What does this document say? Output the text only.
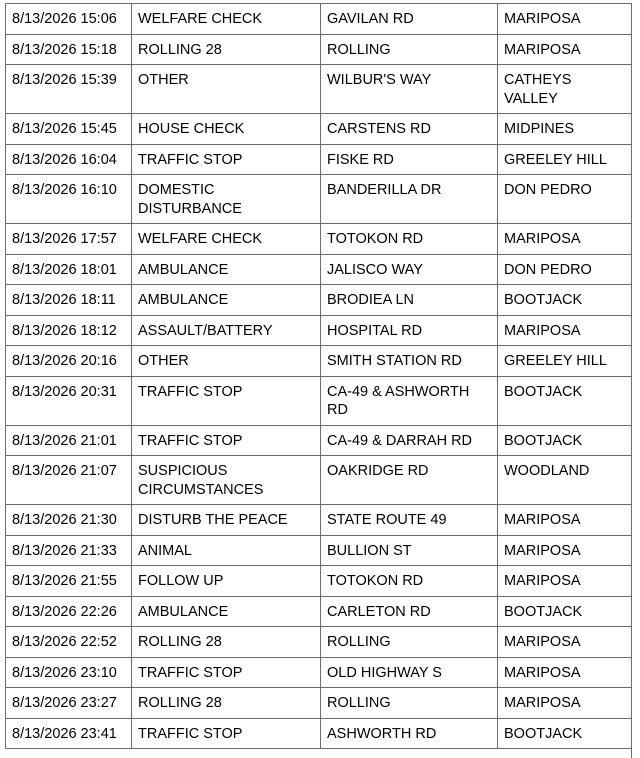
8/13/2026 15:06	WELFARE CHECK	GAVILAN RD	MARIPOSA
8/13/2026 15:18	ROLLING 28	ROLLING	MARIPOSA
8/13/2026 15:39	OTHER	WILBUR'S WAY	CATHEYS VALLEY
8/13/2026 15:45	HOUSE CHECK	CARSTENS RD	MIDPINES
8/13/2026 16:04	TRAFFIC STOP	FISKE RD	GREELEY HILL
8/13/2026 16:10	DOMESTIC DISTURBANCE	BANDERILLA DR	DON PEDRO
8/13/2026 17:57	WELFARE CHECK	TOTOKON RD	MARIPOSA
8/13/2026 18:01	AMBULANCE	JALISCO WAY	DON PEDRO
8/13/2026 18:11	AMBULANCE	BRODIEA LN	BOOTJACK
8/13/2026 18:12	ASSAULT/BATTERY	HOSPITAL RD	MARIPOSA
8/13/2026 20:16	OTHER	SMITH STATION RD	GREELEY HILL
8/13/2026 20:31	TRAFFIC STOP	CA-49 & ASHWORTH RD	BOOTJACK
8/13/2026 21:01	TRAFFIC STOP	CA-49 & DARRAH RD	BOOTJACK
8/13/2026 21:07	SUSPICIOUS CIRCUMSTANCES	OAKRIDGE RD	WOODLAND
8/13/2026 21:30	DISTURB THE PEACE	STATE ROUTE 49	MARIPOSA
8/13/2026 21:33	ANIMAL	BULLION ST	MARIPOSA
8/13/2026 21:55	FOLLOW UP	TOTOKON RD	MARIPOSA
8/13/2026 22:26	AMBULANCE	CARLETON RD	BOOTJACK
8/13/2026 22:52	ROLLING 28	ROLLING	MARIPOSA
8/13/2026 23:10	TRAFFIC STOP	OLD HIGHWAY S	MARIPOSA
8/13/2026 23:27	ROLLING 28	ROLLING	MARIPOSA
8/13/2026 23:41	TRAFFIC STOP	ASHWORTH RD	BOOTJACK
